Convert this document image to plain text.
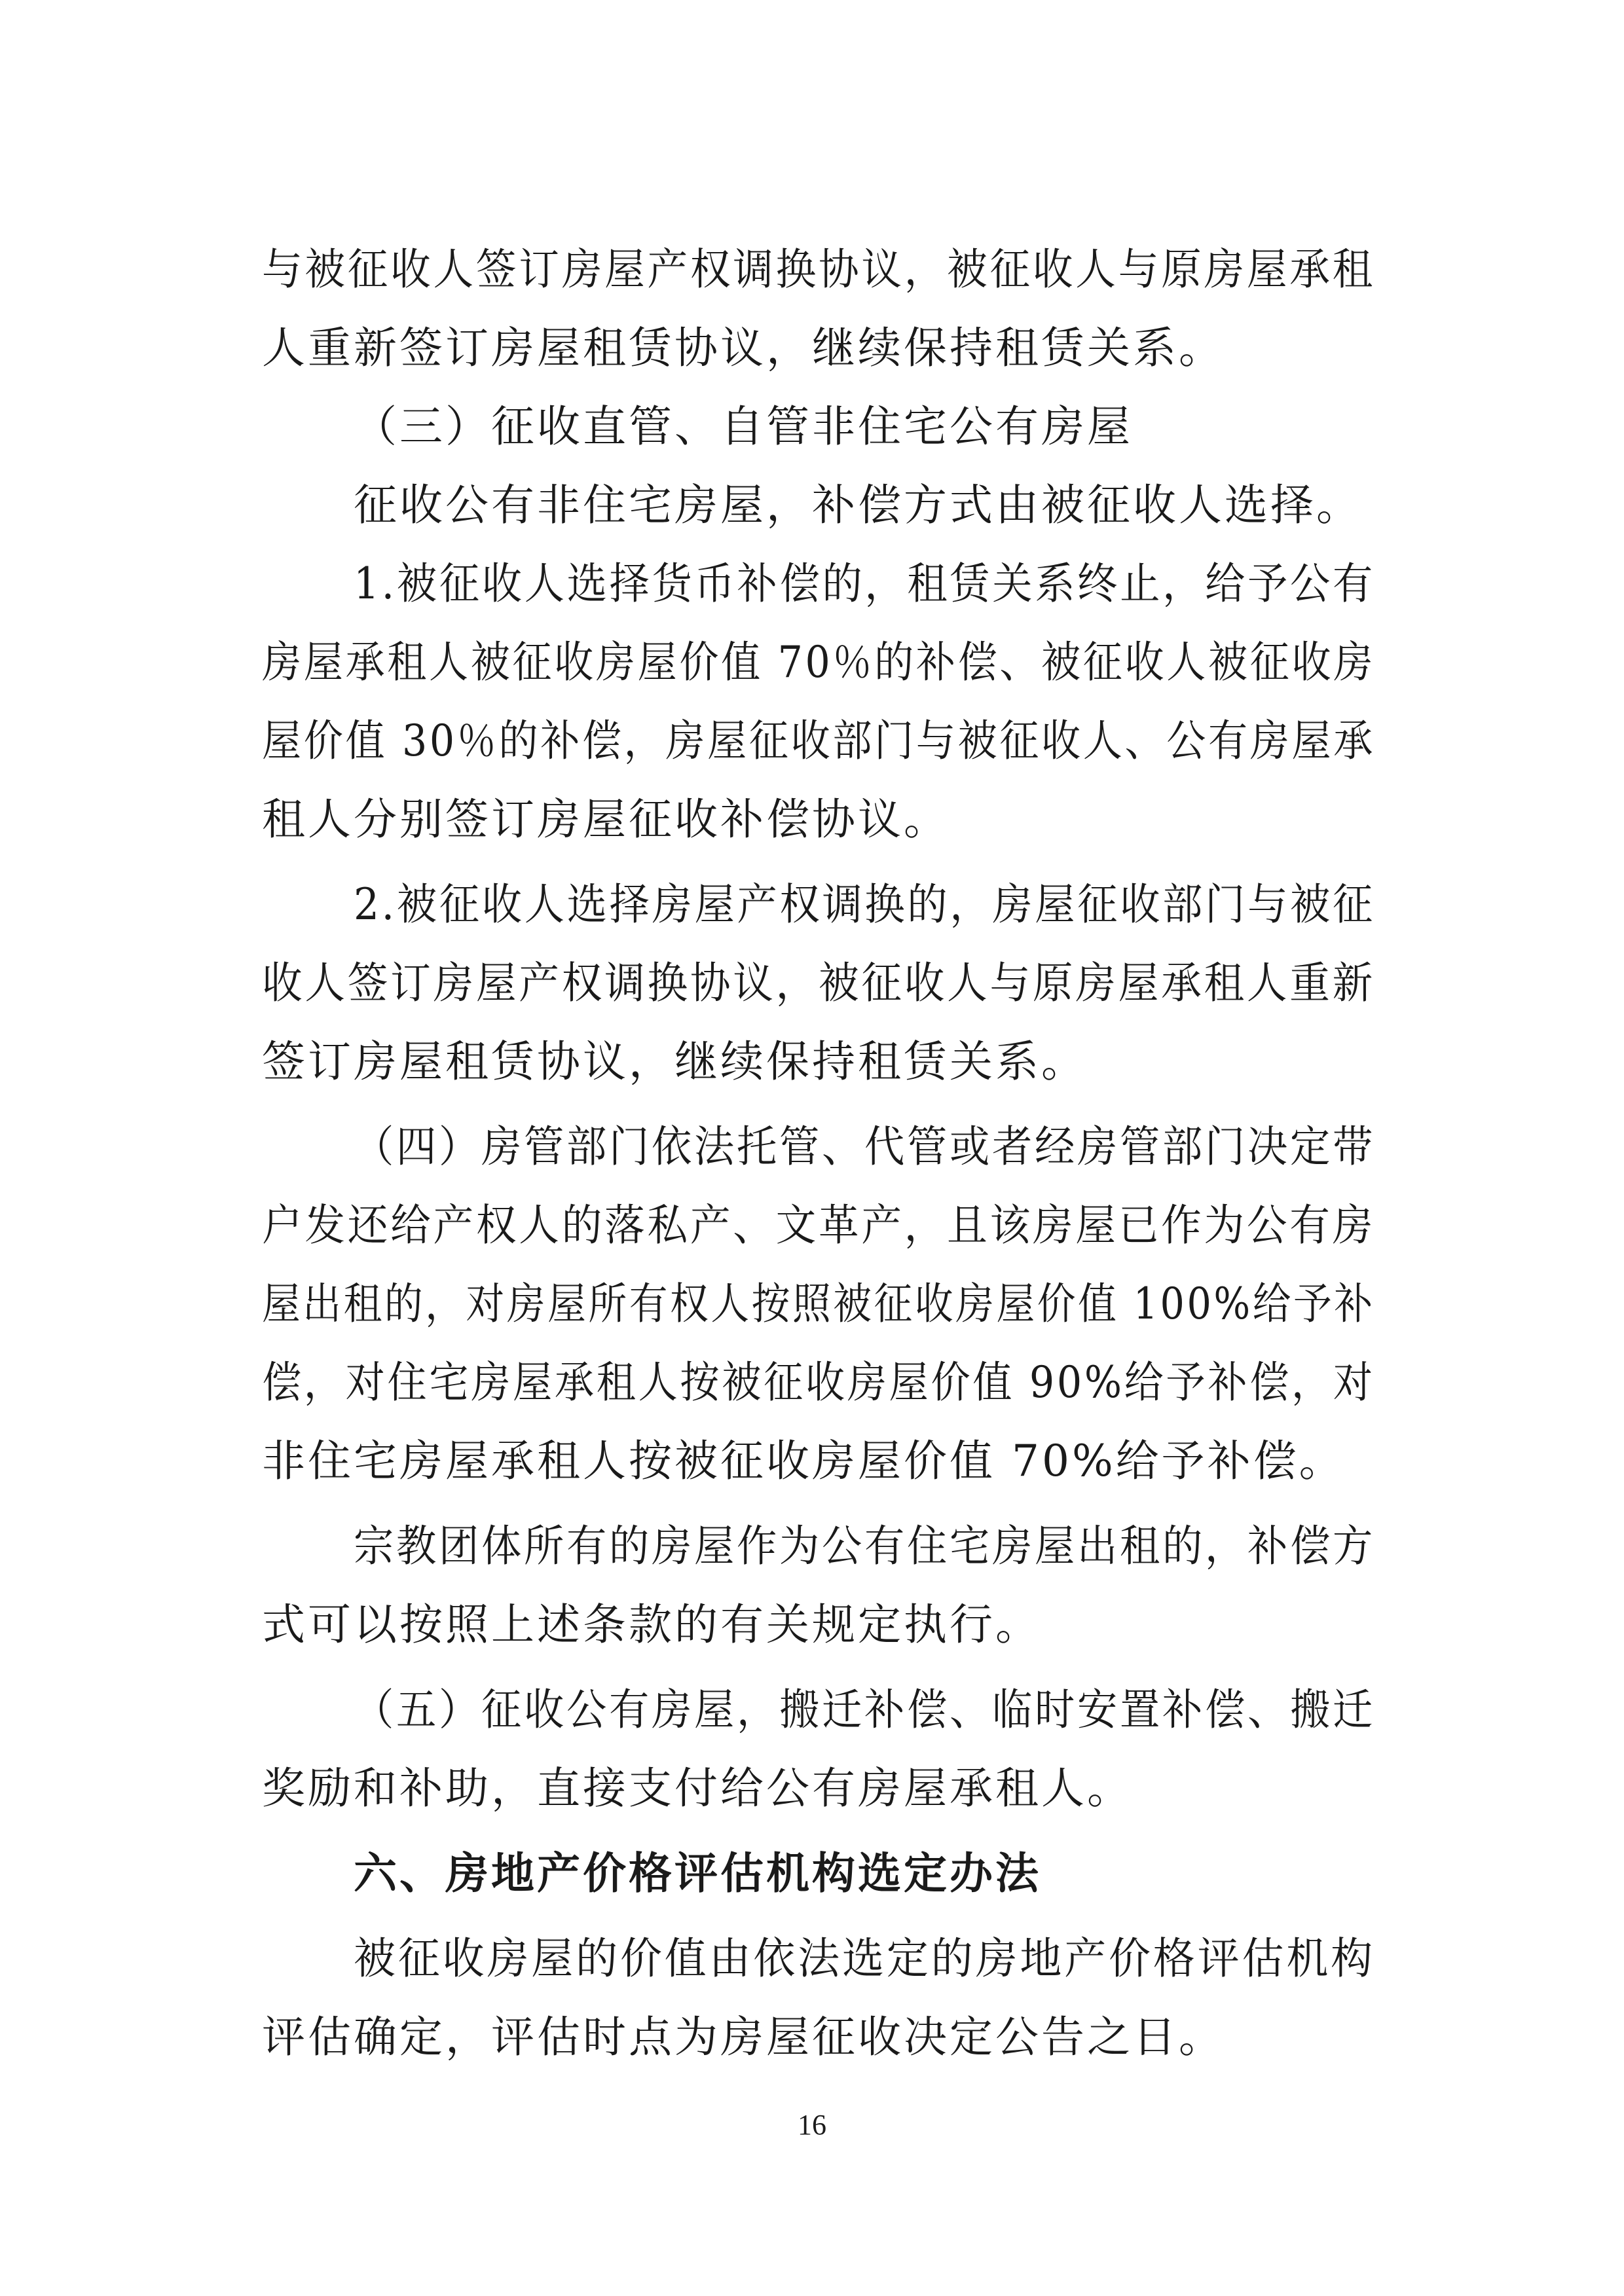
与被征收人签订房屋产权调换协议，被征收人与原房屋承租
人重新签订房屋租赁协议，继续保持租赁关系。
（三）征收直管、自管非住宅公有房屋
征收公有非住宅房屋，补偿方式由被征收人选择。
1.被征收人选择货币补偿的，租赁关系终止，给予公有
房屋承租人被征收房屋价值 70％的补偿、被征收人被征收房
屋价值 30％的补偿，房屋征收部门与被征收人、公有房屋承
租人分别签订房屋征收补偿协议。
2.被征收人选择房屋产权调换的，房屋征收部门与被征
收人签订房屋产权调换协议，被征收人与原房屋承租人重新
签订房屋租赁协议，继续保持租赁关系。
（四）房管部门依法托管、代管或者经房管部门决定带
户发还给产权人的落私产、文革产，且该房屋已作为公有房
屋出租的，对房屋所有权人按照被征收房屋价值 100%给予补
偿，对住宅房屋承租人按被征收房屋价值 90%给予补偿，对
非住宅房屋承租人按被征收房屋价值 70%给予补偿。
宗教团体所有的房屋作为公有住宅房屋出租的，补偿方
式可以按照上述条款的有关规定执行。
（五）征收公有房屋，搬迁补偿、临时安置补偿、搬迁
奖励和补助，直接支付给公有房屋承租人。
六、房地产价格评估机构选定办法
被征收房屋的价值由依法选定的房地产价格评估机构
评估确定，评估时点为房屋征收决定公告之日。
16
